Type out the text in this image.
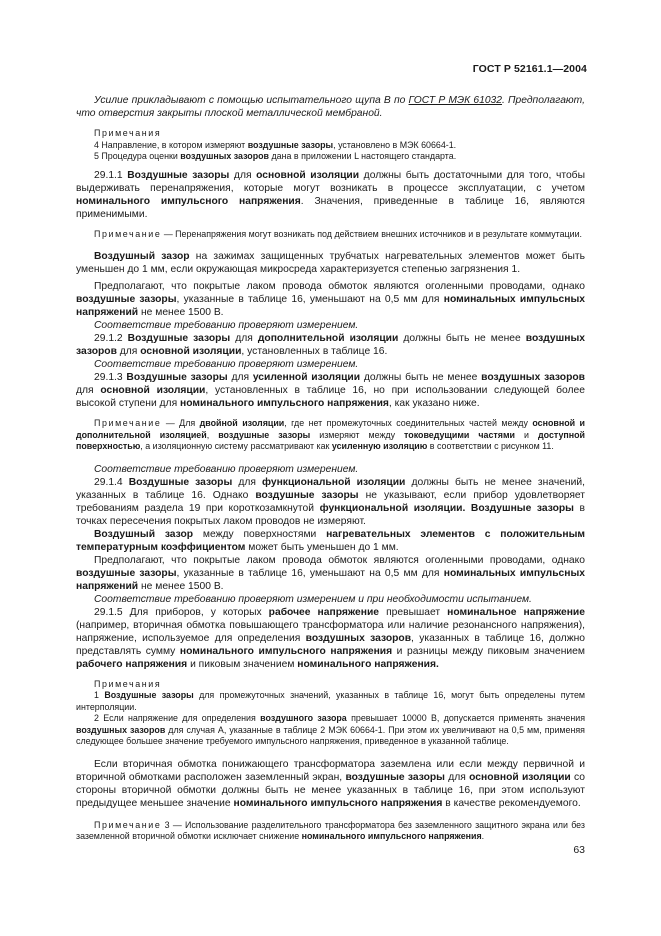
ГОСТ Р 52161.1—2004

Усилие прикладывают с помощью испытательного щупа В по ГОСТ Р МЭК 61032. Предполагают, что отверстия закрыты плоской металлической мембраной.

Примечания

4 Направление, в котором измеряют воздушные зазоры, установлено в МЭК 60664-1.

5 Процедура оценки воздушных зазоров дана в приложении L настоящего стандарта.

29.1.1 Воздушные зазоры для основной изоляции должны быть достаточными для того, чтобы выдерживать перенапряжения, которые могут возникать в процессе эксплуатации, с учетом номинального импульсного напряжения. Значения, приведенные в таблице 16, являются применимыми.

Примечание — Перенапряжения могут возникать под действием внешних источников и в результате коммутации.

Воздушный зазор на зажимах защищенных трубчатых нагревательных элементов может быть уменьшен до 1 мм, если окружающая микросреда характеризуется степенью загрязнения 1.

Предполагают, что покрытые лаком провода обмоток являются оголенными проводами, однако воздушные зазоры, указанные в таблице 16, уменьшают на 0,5 мм для номинальных импульсных напряжений не менее 1500 В.

Соответствие требованию проверяют измерением.

29.1.2 Воздушные зазоры для дополнительной изоляции должны быть не менее воздушных зазоров для основной изоляции, установленных в таблице 16.

Соответствие требованию проверяют измерением.

29.1.3 Воздушные зазоры для усиленной изоляции должны быть не менее воздушных зазоров для основной изоляции, установленных в таблице 16, но при использовании следующей более высокой ступени для номинального импульсного напряжения, как указано ниже.

Примечание — Для двойной изоляции, где нет промежуточных соединительных частей между основной и дополнительной изоляцией, воздушные зазоры измеряют между токоведущими частями и доступной поверхностью, а изоляционную систему рассматривают как усиленную изоляцию в соответствии с рисунком 11.

Соответствие требованию проверяют измерением.

29.1.4 Воздушные зазоры для функциональной изоляции должны быть не менее значений, указанных в таблице 16. Однако воздушные зазоры не указывают, если прибор удовлетворяет требованиям раздела 19 при короткозамкнутой функциональной изоляции. Воздушные зазоры в точках пересечения покрытых лаком проводов не измеряют.

Воздушный зазор между поверхностями нагревательных элементов с положительным температурным коэффициентом может быть уменьшен до 1 мм.

Предполагают, что покрытые лаком провода обмоток являются оголенными проводами, однако воздушные зазоры, указанные в таблице 16, уменьшают на 0,5 мм для номинальных импульсных напряжений не менее 1500 В.

Соответствие требованию проверяют измерением и при необходимости испытанием.

29.1.5 Для приборов, у которых рабочее напряжение превышает номинальное напряжение (например, вторичная обмотка повышающего трансформатора или наличие резонансного напряжения), напряжение, используемое для определения воздушных зазоров, указанных в таблице 16, должно представлять сумму номинального импульсного напряжения и разницы между пиковым значением рабочего напряжения и пиковым значением номинального напряжения.

Примечания

1 Воздушные зазоры для промежуточных значений, указанных в таблице 16, могут быть определены путем интерполяции.

2 Если напряжение для определения воздушного зазора превышает 10000 В, допускается применять значения воздушных зазоров для случая А, указанные в таблице 2 МЭК 60664-1. При этом их увеличивают на 0,5 мм, применяя следующее большее значение требуемого импульсного напряжения, приведенное в указанной таблице.

Если вторичная обмотка понижающего трансформатора заземлена или если между первичной и вторичной обмотками расположен заземленный экран, воздушные зазоры для основной изоляции со стороны вторичной обмотки должны быть не менее указанных в таблице 16, при этом используют предыдущее меньшее значение номинального импульсного напряжения в качестве рекомендуемого.

Примечание 3 — Использование разделительного трансформатора без заземленного защитного экрана или без заземленной вторичной обмотки исключает снижение номинального импульсного напряжения.

63
